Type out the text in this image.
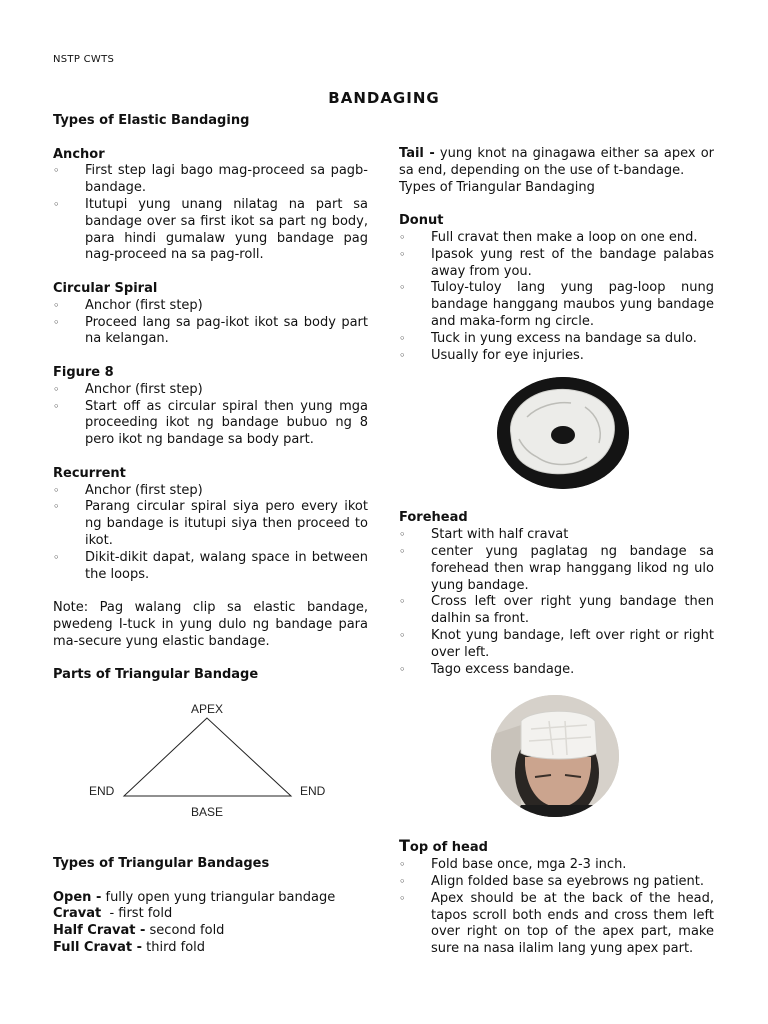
NSTP CWTS
BANDAGING

Types of Elastic Bandaging

Anchor

◦ First step lagi bago mag-proceed sa pagb-bandage.
◦ Itutupi yung unang nilatag na part sa bandage over sa first ikot sa part ng body, para hindi gumalaw yung bandage pag nag-proceed na sa pag-roll.

Circular Spiral

◦ Anchor (first step)
◦ Proceed lang sa pag-ikot ikot sa body part na kelangan.

Figure 8

◦ Anchor (first step)
◦ Start off as circular spiral then yung mga proceeding ikot ng bandage bubuo ng 8 pero ikot ng bandage sa body part.

Recurrent

◦ Anchor (first step)
◦ Parang circular spiral siya pero every ikot ng bandage is itutupi siya then proceed to ikot.
◦ Dikit-dikit dapat, walang space in between the loops.

Note: Pag walang clip sa elastic bandage, pwedeng I-tuck in yung dulo ng bandage para ma-secure yung elastic bandage.

Parts of Triangular Bandage

APEX
END	END
BASE

Types of Triangular Bandages

Open - fully open yung triangular bandage

Cravat  - first fold

Half Cravat - second fold

Full Cravat - third fold

Tail - yung knot na ginagawa either sa apex or sa end, depending on the use of t-bandage.

Types of Triangular Bandaging

Donut

◦ Full cravat then make a loop on one end.
◦ Ipasok yung rest of the bandage palabas away from you.
◦ Tuloy-tuloy lang yung pag-loop nung bandage hanggang maubos yung bandage and maka-form ng circle.
◦ Tuck in yung excess na bandage sa dulo.
◦ Usually for eye injuries.

Forehead

◦ Start with half cravat
◦ center yung paglatag ng bandage sa forehead then wrap hanggang likod ng ulo yung bandage.
◦ Cross left over right yung bandage then dalhin sa front.
◦ Knot yung bandage, left over right or right over left.
◦ Tago excess bandage.

Top of head

◦ Fold base once, mga 2-3 inch.
◦ Align folded base sa eyebrows ng patient.
◦ Apex should be at the back of the head, tapos scroll both ends and cross them left over right on top of the apex part, make sure na nasa ilalim lang yung apex part.
